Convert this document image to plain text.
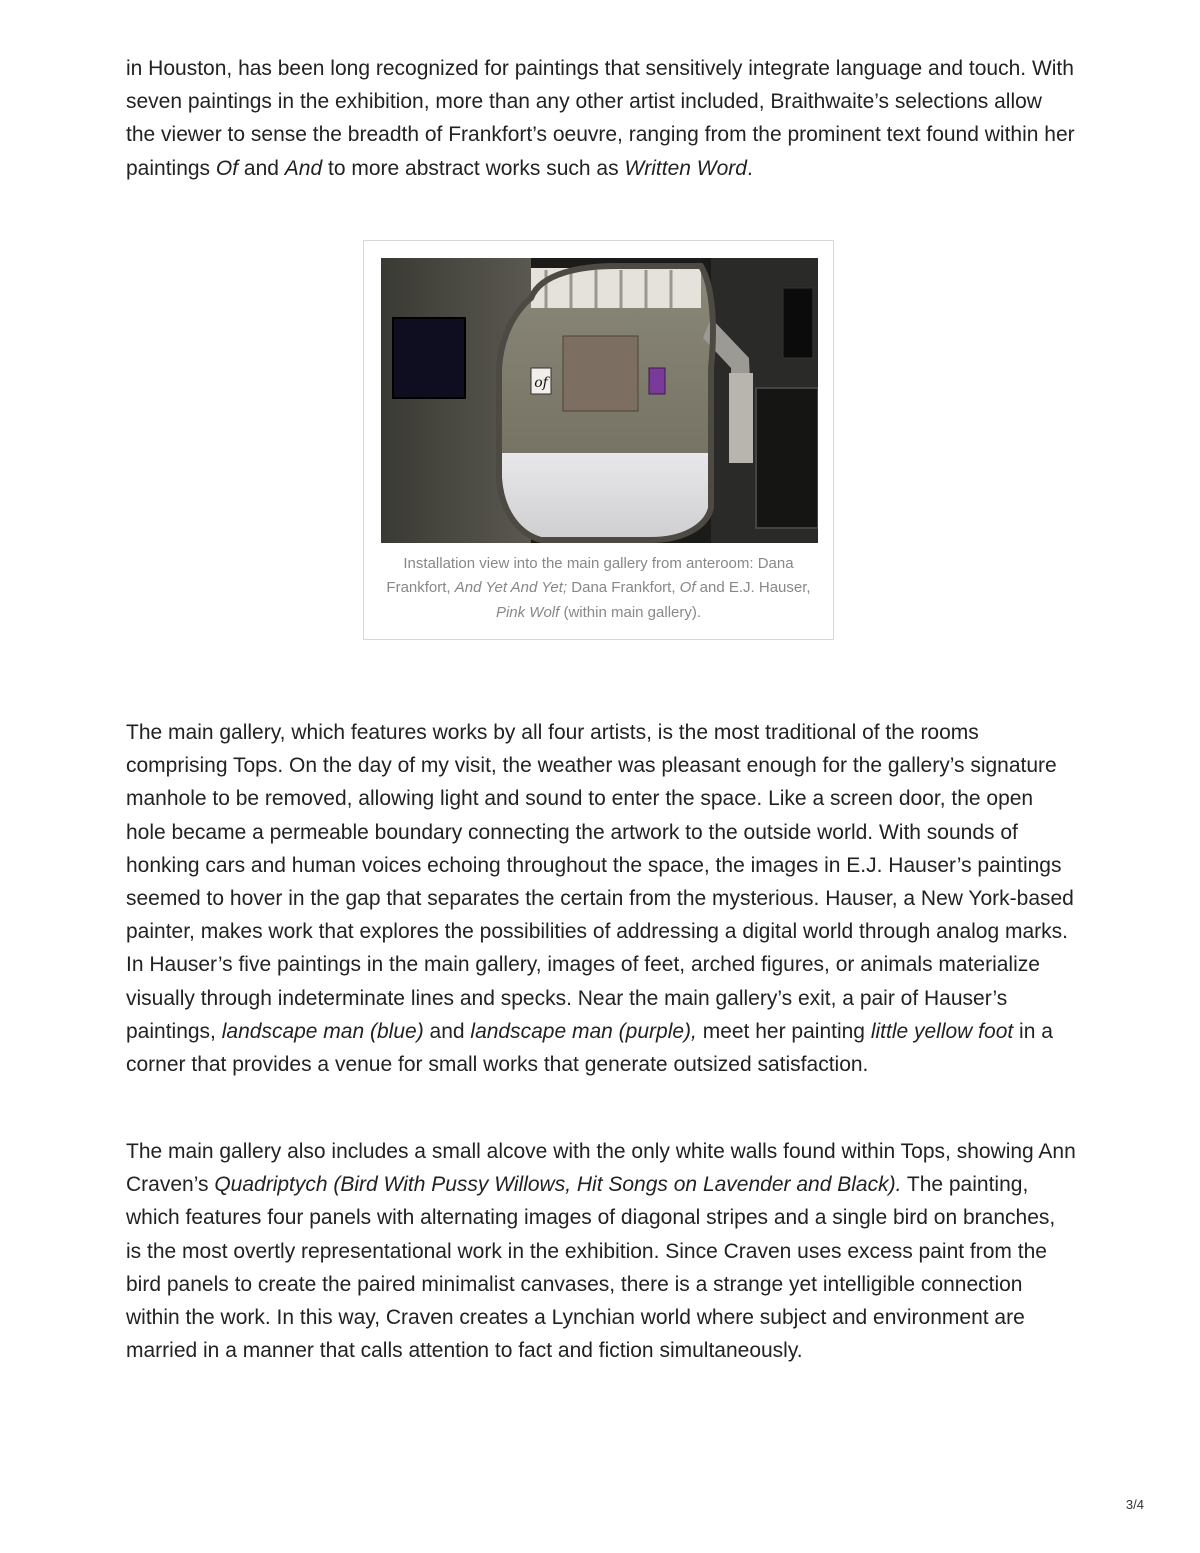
in Houston, has been long recognized for paintings that sensitively integrate language and touch. With seven paintings in the exhibition, more than any other artist included, Braithwaite’s selections allow the viewer to sense the breadth of Frankfort’s oeuvre, ranging from the prominent text found within her paintings Of and And to more abstract works such as Written Word.

The main gallery, which features works by all four artists, is the most traditional of the rooms comprising Tops. On the day of my visit, the weather was pleasant enough for the gallery’s signature manhole to be removed, allowing light and sound to enter the space. Like a screen door, the open hole became a permeable boundary connecting the artwork to the outside world. With sounds of honking cars and human voices echoing throughout the space, the images in E.J. Hauser’s paintings seemed to hover in the gap that separates the certain from the mysterious. Hauser, a New York-based painter, makes work that explores the possibilities of addressing a digital world through analog marks. In Hauser’s five paintings in the main gallery, images of feet, arched figures, or animals materialize visually through indeterminate lines and specks. Near the main gallery’s exit, a pair of Hauser’s paintings, landscape man (blue) and landscape man (purple), meet her painting little yellow foot in a corner that provides a venue for small works that generate outsized satisfaction.

The main gallery also includes a small alcove with the only white walls found within Tops, showing Ann Craven’s Quadriptych (Bird With Pussy Willows, Hit Songs on Lavender and Black). The painting, which features four panels with alternating images of diagonal stripes and a single bird on branches, is the most overtly representational work in the exhibition. Since Craven uses excess paint from the bird panels to create the paired minimalist canvases, there is a strange yet intelligible connection within the work. In this way, Craven creates a Lynchian world where subject and environment are married in a manner that calls attention to fact and fiction simultaneously.

of
Installation view into the main gallery from anteroom: Dana Frankfort, And Yet And Yet; Dana Frankfort, Of and E.J. Hauser, Pink Wolf (within main gallery).
3/4
